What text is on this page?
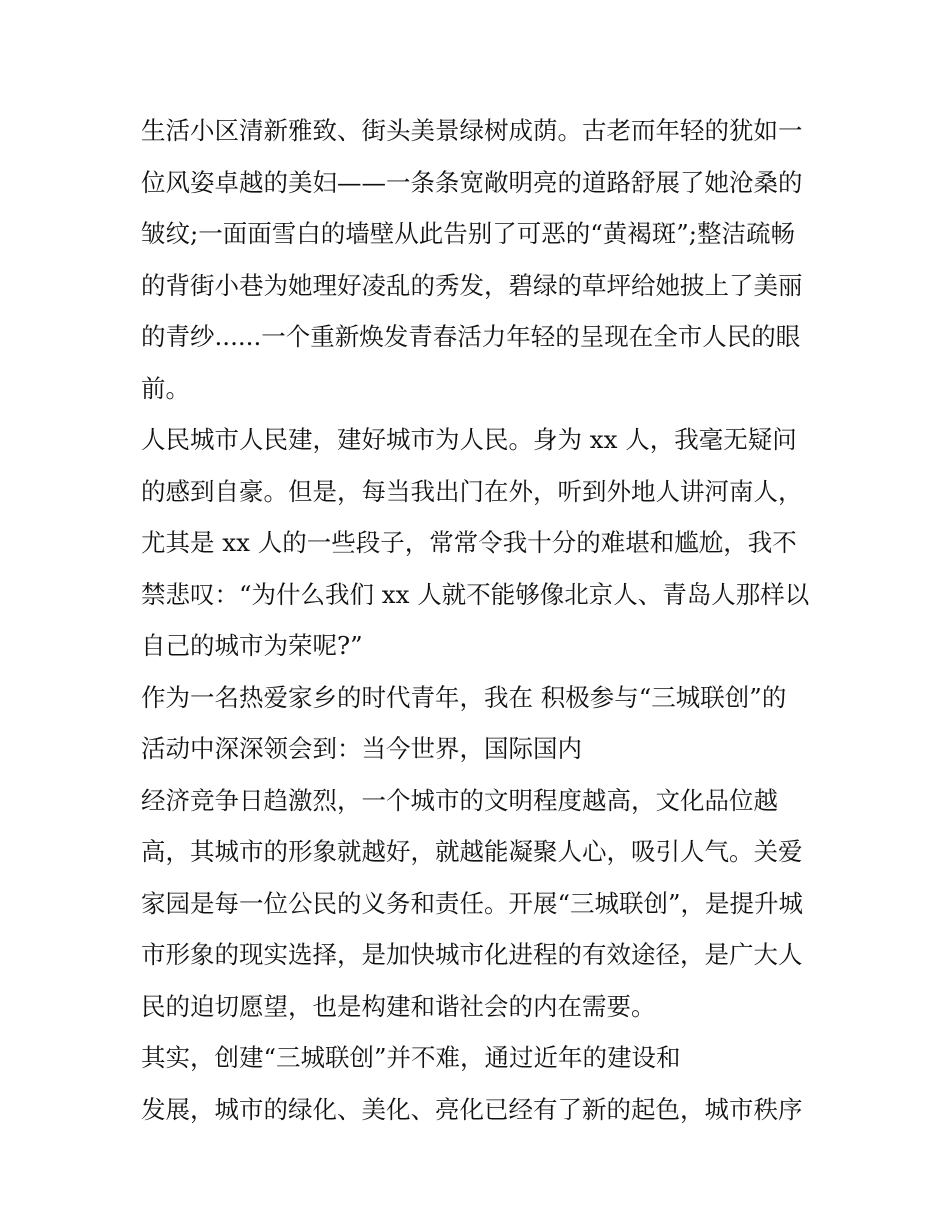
生活小区清新雅致、街头美景绿树成荫。古老而年轻的犹如一
位风姿卓越的美妇——一条条宽敞明亮的道路舒展了她沧桑的
皱纹;一面面雪白的墙壁从此告别了可恶的“黄褐斑”;整洁疏畅
的背街小巷为她理好凌乱的秀发，碧绿的草坪给她披上了美丽
的青纱......一个重新焕发青春活力年轻的呈现在全市人民的眼
前。
人民城市人民建，建好城市为人民。身为 xx 人，我毫无疑问
的感到自豪。但是，每当我出门在外，听到外地人讲河南人，
尤其是 xx 人的一些段子，常常令我十分的难堪和尴尬，我不
禁悲叹：“为什么我们 xx 人就不能够像北京人、青岛人那样以
自己的城市为荣呢?”
作为一名热爱家乡的时代青年，我在 积极参与“三城联创”的
活动中深深领会到：当今世界，国际国内
经济竞争日趋激烈，一个城市的文明程度越高，文化品位越
高，其城市的形象就越好，就越能凝聚人心，吸引人气。关爱
家园是每一位公民的义务和责任。开展“三城联创”，是提升城
市形象的现实选择，是加快城市化进程的有效途径，是广大人
民的迫切愿望，也是构建和谐社会的内在需要。
其实，创建“三城联创”并不难，通过近年的建设和
发展，城市的绿化、美化、亮化已经有了新的起色，城市秩序
